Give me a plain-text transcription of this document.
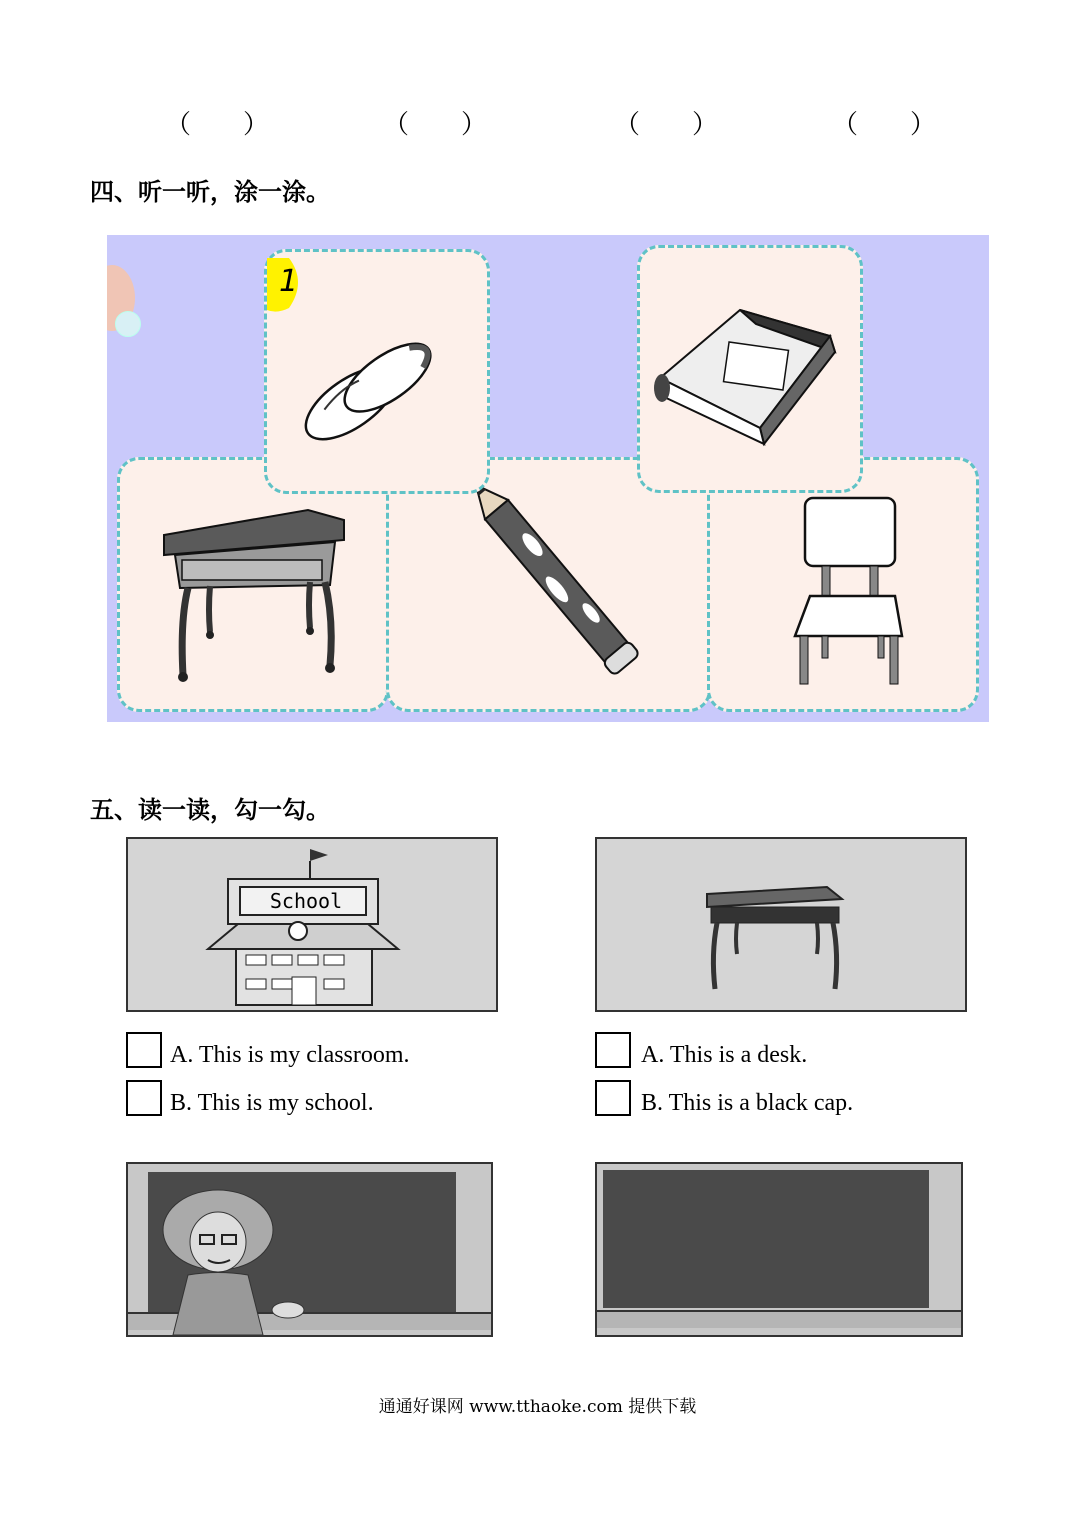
（　　）	（　　）	（　　）	（　　）
四、听一听，涂一涂。
1
五、读一读，勾一勾。
School
A. This is my classroom.
B. This is my school.
A. This is a desk.
B. This is a black cap.
通通好课网 www.tthaoke.com 提供下载
